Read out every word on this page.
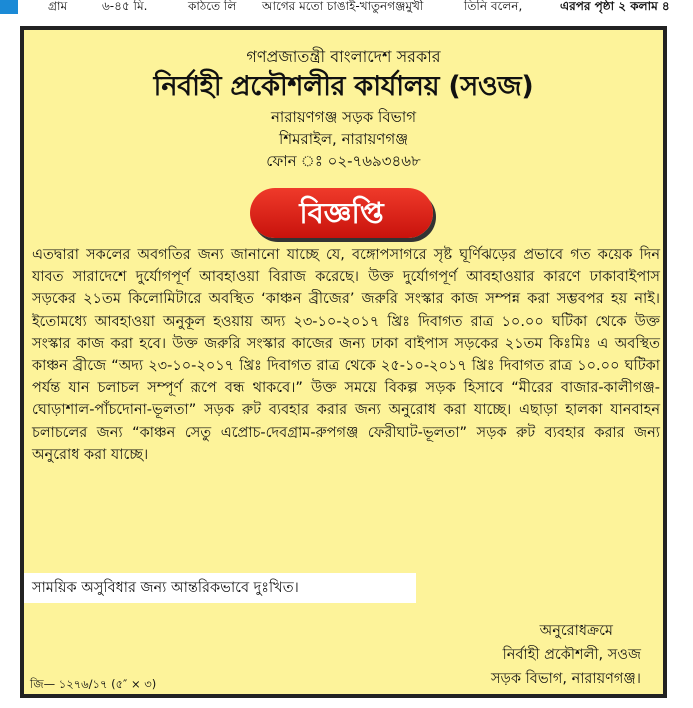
গ্রাম	৬-৪৫ মি.	কাঠতে লি আগের মতো চাঙাই-খাতুনগঞ্জমুখী	তিনি বলেন,	এরপর পৃষ্ঠা ২ কলাম ৪
গণপ্রজাতন্ত্রী বাংলাদেশ সরকার
নির্বাহী প্রকৌশলীর কার্যালয় (সওজ)
নারায়ণগঞ্জ সড়ক বিভাগ
শিমরাইল, নারায়ণগঞ্জ
ফোন ঃ ০২-৭৬৯৩৪৬৮
বিজ্ঞপ্তি

এতদ্বারা সকলের অবগতির জন্য জানানো যাচ্ছে যে, বঙ্গোপসাগরে সৃষ্ট ঘূর্ণিঝড়ের প্রভাবে গত কয়েক দিন যাবত সারাদেশে দুর্যোগপূর্ণ আবহাওয়া বিরাজ করেছে। উক্ত দুর্যোগপূর্ণ আবহাওয়ার কারণে ঢাকাবাইপাস সড়কের ২১তম কিলোমিটারে অবস্থিত ‘কাঞ্চন ব্রীজের’ জরুরি সংস্কার কাজ সম্পন্ন করা সম্ভবপর হয় নাই। ইতোমধ্যে আবহাওয়া অনুকূল হওয়ায় অদ্য ২৩-১০-২০১৭ খ্রিঃ দিবাগত রাত্র ১০.০০ ঘটিকা থেকে উক্ত সংস্কার কাজ করা হবে। উক্ত জরুরি সংস্কার কাজের জন্য ঢাকা বাইপাস সড়কের ২১তম কিঃমিঃ এ অবস্থিত কাঞ্চন ব্রীজে “অদ্য ২৩-১০-২০১৭ খ্রিঃ দিবাগত রাত্র থেকে ২৫-১০-২০১৭ খ্রিঃ দিবাগত রাত্র ১০.০০ ঘটিকা পর্যন্ত যান চলাচল সম্পূর্ণ রূপে বন্ধ থাকবে।” উক্ত সময়ে বিকল্প সড়ক হিসাবে “মীরের বাজার-কালীগঞ্জ-ঘোড়াশাল-পাঁচদোনা-ভূলতা” সড়ক রুট ব্যবহার করার জন্য অনুরোধ করা যাচ্ছে। এছাড়া হালকা যানবাহন চলাচলের জন্য “কাঞ্চন সেতু এপ্রোচ-দেবগ্রাম-রুপগঞ্জ ফেরীঘাট-ভূলতা” সড়ক রুট ব্যবহার করার জন্য অনুরোধ করা যাচ্ছে।

সাময়িক অসুবিধার জন্য আন্তরিকভাবে দুঃখিত।
অনুরোধক্রমে
নির্বাহী প্রকৌশলী, সওজ
সড়ক বিভাগ, নারায়ণগঞ্জ।
জি— ১২৭৬/১৭ (৫″ × ৩)
